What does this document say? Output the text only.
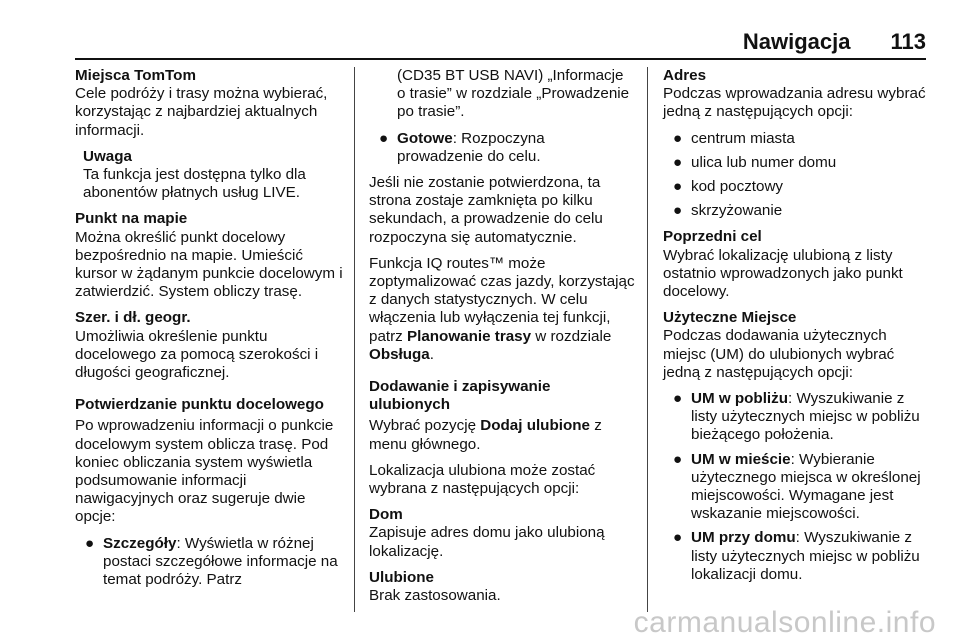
Nawigacja 113
Miejsca TomTom
Cele podróży i trasy można wybierać, korzystając z najbardziej aktualnych informacji.
Uwaga
Ta funkcja jest dostępna tylko dla abonentów płatnych usług LIVE.
Punkt na mapie
Można określić punkt docelowy bezpośrednio na mapie. Umieścić kursor w żądanym punkcie docelowym i zatwierdzić. System obliczy trasę.
Szer. i dł. geogr.
Umożliwia określenie punktu docelowego za pomocą szerokości i długości geograficznej.
Potwierdzanie punktu docelowego
Po wprowadzeniu informacji o punkcie docelowym system oblicza trasę. Pod koniec obliczania system wyświetla podsumowanie informacji nawigacyjnych oraz sugeruje dwie opcje:
● Szczegóły: Wyświetla w różnej postaci szczegółowe informacje na temat podróży. Patrz
(CD35 BT USB NAVI) „Informacje o trasie” w rozdziale „Prowadzenie po trasie”.
● Gotowe: Rozpoczyna prowadzenie do celu.
Jeśli nie zostanie potwierdzona, ta strona zostaje zamknięta po kilku sekundach, a prowadzenie do celu rozpoczyna się automatycznie.
Funkcja IQ routes™ może zoptymalizować czas jazdy, korzystając z danych statystycznych. W celu włączenia lub wyłączenia tej funkcji, patrz Planowanie trasy w rozdziale Obsługa.
Dodawanie i zapisywanie ulubionych
Wybrać pozycję Dodaj ulubione z menu głównego.
Lokalizacja ulubiona może zostać wybrana z następujących opcji:
Dom
Zapisuje adres domu jako ulubioną lokalizację.
Ulubione
Brak zastosowania.
Adres
Podczas wprowadzania adresu wybrać jedną z następujących opcji:
● centrum miasta
● ulica lub numer domu
● kod pocztowy
● skrzyżowanie
Poprzedni cel
Wybrać lokalizację ulubioną z listy ostatnio wprowadzonych jako punkt docelowy.
Użyteczne Miejsce
Podczas dodawania użytecznych miejsc (UM) do ulubionych wybrać jedną z następujących opcji:
● UM w pobliżu: Wyszukiwanie z listy użytecznych miejsc w pobliżu bieżącego położenia.
● UM w mieście: Wybieranie użytecznego miejsca w określonej miejscowości. Wymagane jest wskazanie miejscowości.
● UM przy domu: Wyszukiwanie z listy użytecznych miejsc w pobliżu lokalizacji domu.
carmanualsonline.info
